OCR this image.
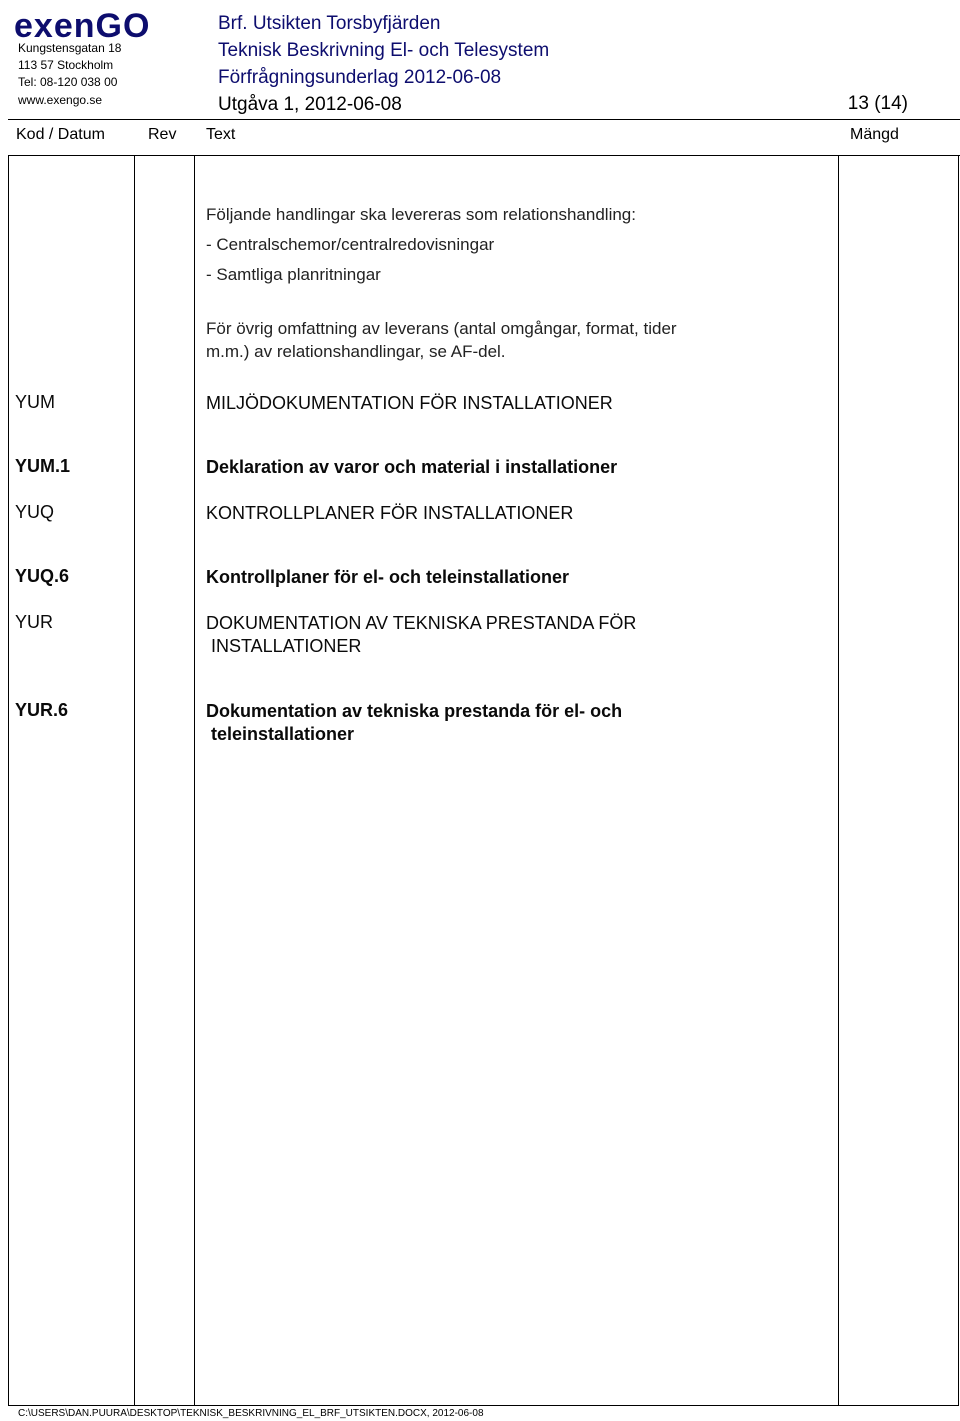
exenGO
Kungstensgatan 18
113 57 Stockholm
Tel: 08-120 038 00
www.exengo.se
Brf. Utsikten Torsbyfjärden
Teknisk Beskrivning El- och Telesystem
Förfrågningsunderlag 2012-06-08
Utgåva 1, 2012-06-08	13 (14)
Kod / Datum	Rev Text	Mängd
Följande handlingar ska levereras som relationshandling:
- Centralschemor/centralredovisningar
- Samtliga planritningar
För övrig omfattning av leverans (antal omgångar, format, tider
m.m.) av relationshandlingar, se AF-del.
YUM	MILJÖDOKUMENTATION FÖR INSTALLATIONER
YUM.1	Deklaration av varor och material i installationer
YUQ	KONTROLLPLANER FÖR INSTALLATIONER
YUQ.6	Kontrollplaner för el- och teleinstallationer
YUR	DOKUMENTATION AV TEKNISKA PRESTANDA FÖR
INSTALLATIONER
YUR.6	Dokumentation av tekniska prestanda för el- och
teleinstallationer
C:\USERS\DAN.PUURA\DESKTOP\TEKNISK_BESKRIVNING_EL_BRF_UTSIKTEN.DOCX, 2012-06-08
